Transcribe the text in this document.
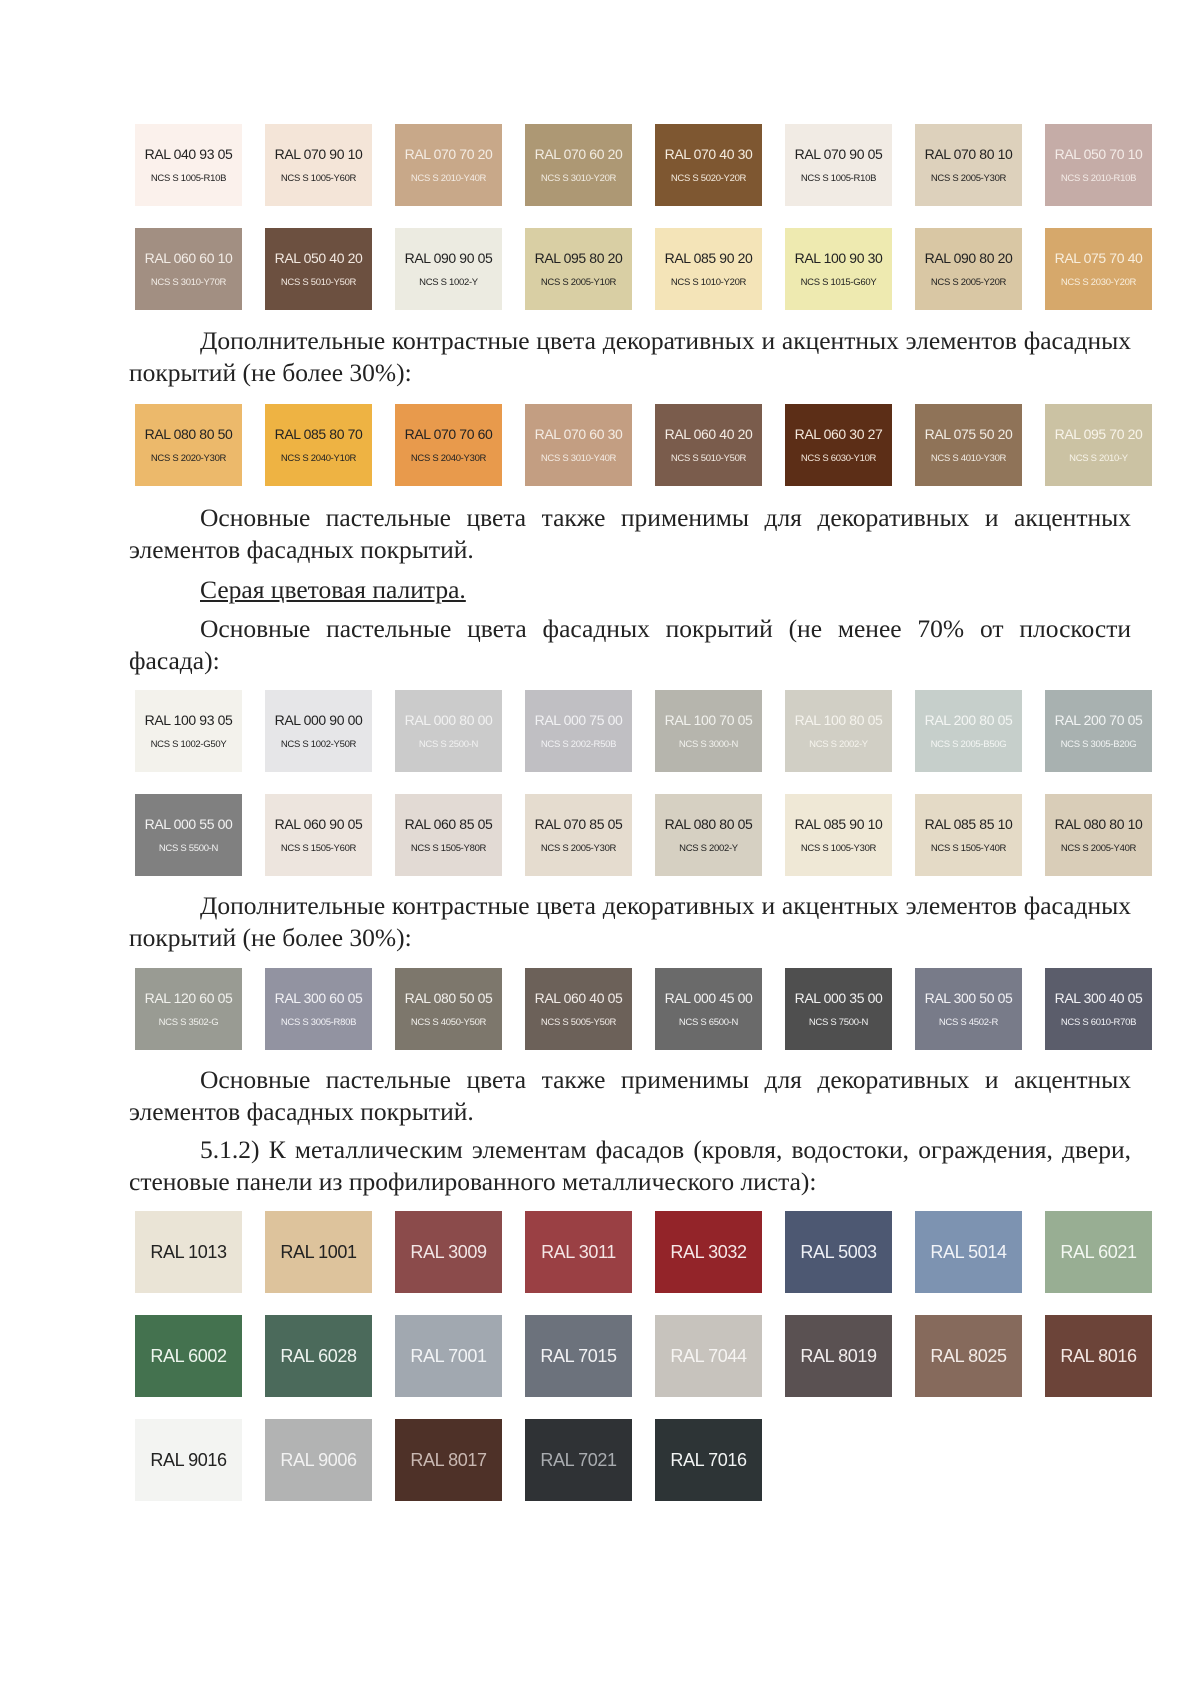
RAL 040 93 05
NCS S 1005-R10B
RAL 070 90 10
NCS S 1005-Y60R
RAL 070 70 20
NCS S 2010-Y40R
RAL 070 60 20
NCS S 3010-Y20R
RAL 070 40 30
NCS S 5020-Y20R
RAL 070 90 05
NCS S 1005-R10B
RAL 070 80 10
NCS S 2005-Y30R
RAL 050 70 10
NCS S 2010-R10B
RAL 060 60 10
NCS S 3010-Y70R
RAL 050 40 20
NCS S 5010-Y50R
RAL 090 90 05
NCS S 1002-Y
RAL 095 80 20
NCS S 2005-Y10R
RAL 085 90 20
NCS S 1010-Y20R
RAL 100 90 30
NCS S 1015-G60Y
RAL 090 80 20
NCS S 2005-Y20R
RAL 075 70 40
NCS S 2030-Y20R

Дополнительные контрастные цвета декоративных и акцентных элементов фасадных покрытий (не более 30%):

RAL 080 80 50
NCS S 2020-Y30R
RAL 085 80 70
NCS S 2040-Y10R
RAL 070 70 60
NCS S 2040-Y30R
RAL 070 60 30
NCS S 3010-Y40R
RAL 060 40 20
NCS S 5010-Y50R
RAL 060 30 27
NCS S 6030-Y10R
RAL 075 50 20
NCS S 4010-Y30R
RAL 095 70 20
NCS S 2010-Y

Основные пастельные цвета также применимы для декоративных и акцентных элементов фасадных покрытий.

Серая цветовая палитра.

Основные пастельные цвета фасадных покрытий (не менее 70% от плоскости фасада):

RAL 100 93 05
NCS S 1002-G50Y
RAL 000 90 00
NCS S 1002-Y50R
RAL 000 80 00
NCS S 2500-N
RAL 000 75 00
NCS S 2002-R50B
RAL 100 70 05
NCS S 3000-N
RAL 100 80 05
NCS S 2002-Y
RAL 200 80 05
NCS S 2005-B50G
RAL 200 70 05
NCS S 3005-B20G
RAL 000 55 00
NCS S 5500-N
RAL 060 90 05
NCS S 1505-Y60R
RAL 060 85 05
NCS S 1505-Y80R
RAL 070 85 05
NCS S 2005-Y30R
RAL 080 80 05
NCS S 2002-Y
RAL 085 90 10
NCS S 1005-Y30R
RAL 085 85 10
NCS S 1505-Y40R
RAL 080 80 10
NCS S 2005-Y40R

Дополнительные контрастные цвета декоративных и акцентных элементов фасадных покрытий (не более 30%):

RAL 120 60 05
NCS S 3502-G
RAL 300 60 05
NCS S 3005-R80B
RAL 080 50 05
NCS S 4050-Y50R
RAL 060 40 05
NCS S 5005-Y50R
RAL 000 45 00
NCS S 6500-N
RAL 000 35 00
NCS S 7500-N
RAL 300 50 05
NCS S 4502-R
RAL 300 40 05
NCS S 6010-R70B

Основные пастельные цвета также применимы для декоративных и акцентных элементов фасадных покрытий.

5.1.2) К металлическим элементам фасадов (кровля, водостоки, ограждения, двери, стеновые панели из профилированного металлического листа):

RAL 1013	RAL 1001	RAL 3009	RAL 3011	RAL 3032	RAL 5003	RAL 5014	RAL 6021
RAL 6002	RAL 6028	RAL 7001	RAL 7015	RAL 7044	RAL 8019	RAL 8025	RAL 8016
RAL 9016	RAL 9006	RAL 8017	RAL 7021	RAL 7016
